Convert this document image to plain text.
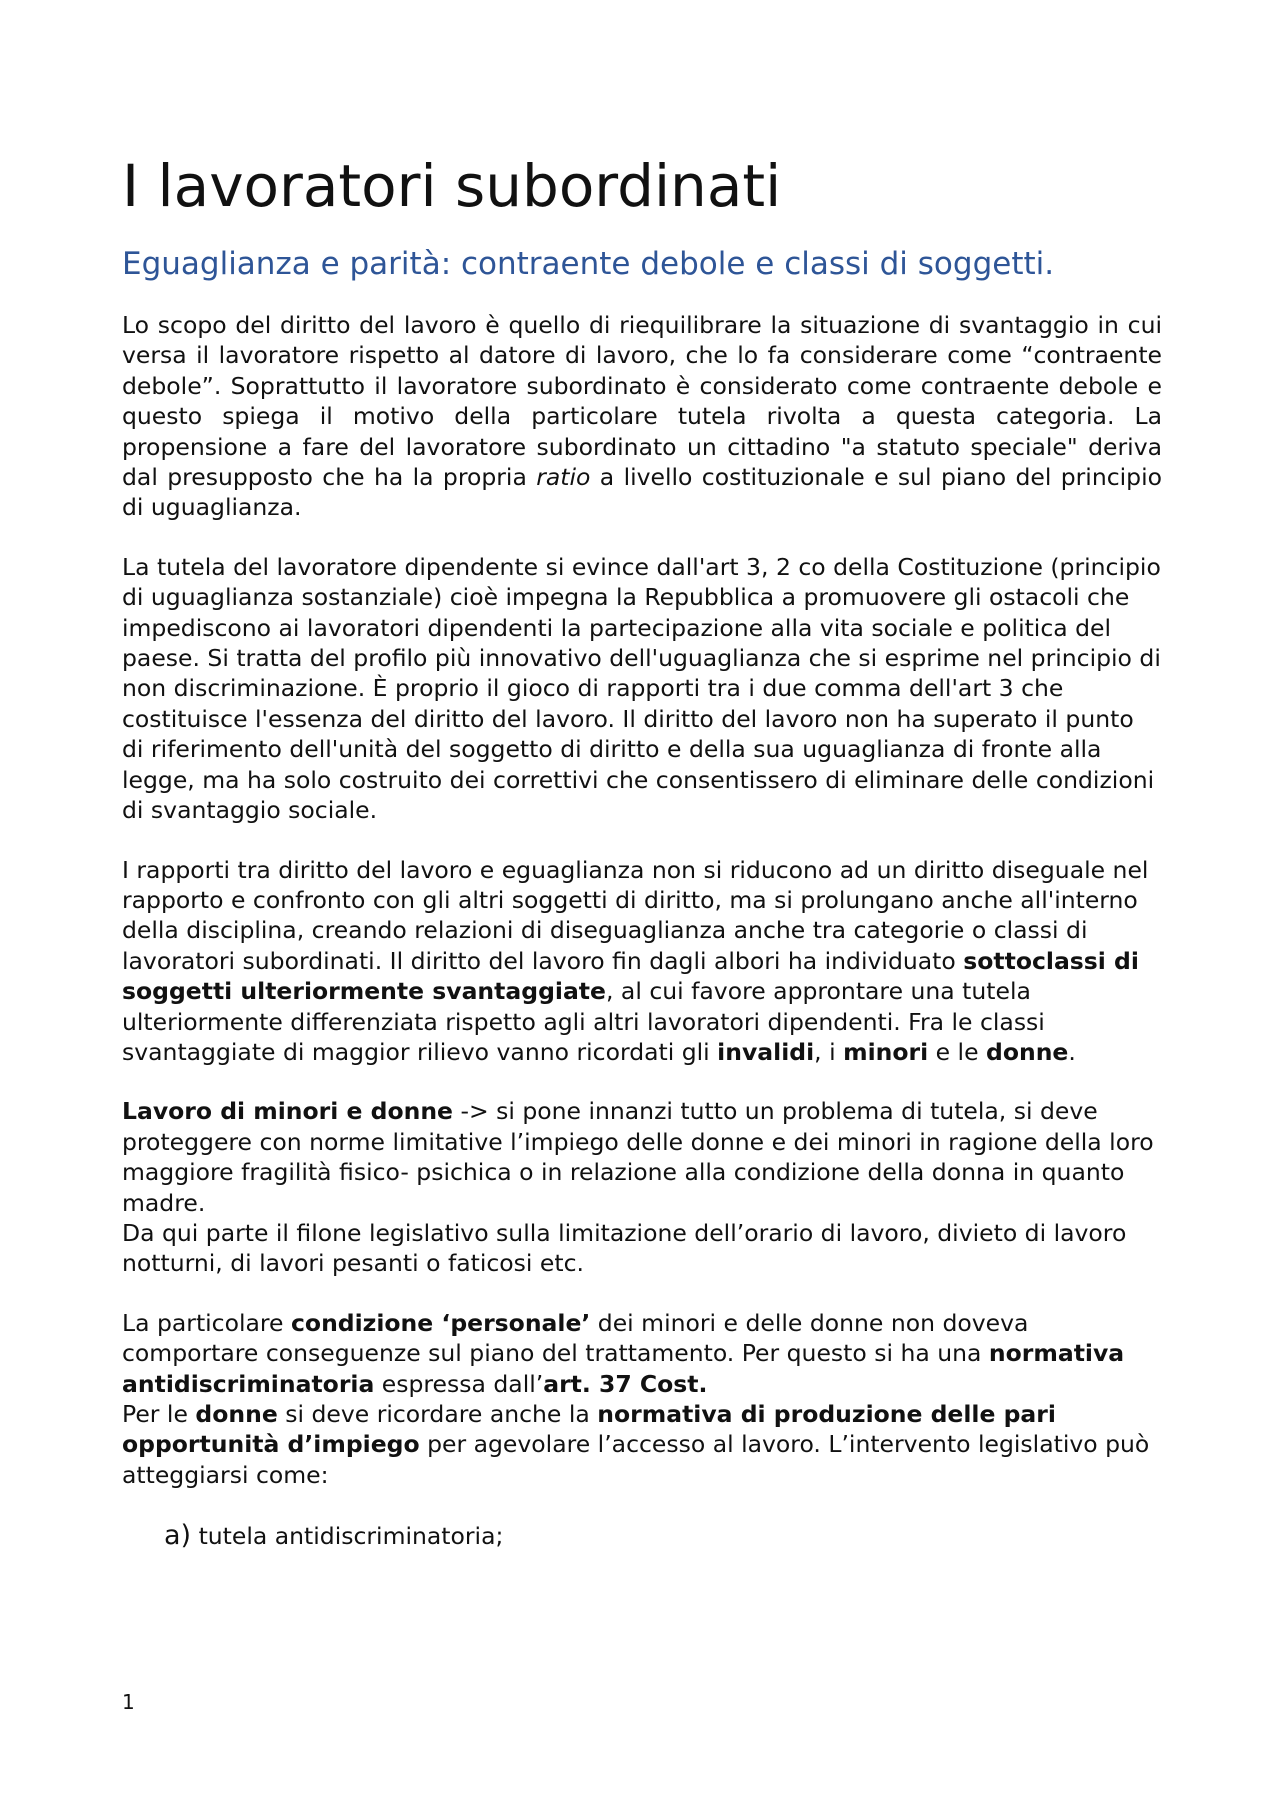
I lavoratori subordinati
Eguaglianza e parità: contraente debole e classi di soggetti.

Lo scopo del diritto del lavoro è quello di riequilibrare la situazione di svantaggio in cui versa il lavoratore rispetto al datore di lavoro, che lo fa considerare come “contraente debole”. Soprattutto il lavoratore subordinato è considerato come contraente debole e questo spiega il motivo della particolare tutela rivolta a questa categoria. La propensione a fare del lavoratore subordinato un cittadino "a statuto speciale" deriva dal presupposto che ha la propria ratio a livello costituzionale e sul piano del principio di uguaglianza.

La tutela del lavoratore dipendente si evince dall'art 3, 2 co della Costituzione (principio di uguaglianza sostanziale) cioè impegna la Repubblica a promuovere gli ostacoli che impediscono ai lavoratori dipendenti la partecipazione alla vita sociale e politica del paese. Si tratta del profilo più innovativo dell'uguaglianza che si esprime nel principio di non discriminazione. È proprio il gioco di rapporti tra i due comma dell'art 3 che costituisce l'essenza del diritto del lavoro. Il diritto del lavoro non ha superato il punto di riferimento dell'unità del soggetto di diritto e della sua uguaglianza di fronte alla legge, ma ha solo costruito dei correttivi che consentissero di eliminare delle condizioni di svantaggio sociale.

I rapporti tra diritto del lavoro e eguaglianza non si riducono ad un diritto diseguale nel rapporto e confronto con gli altri soggetti di diritto, ma si prolungano anche all'interno della disciplina, creando relazioni di diseguaglianza anche tra categorie o classi di lavoratori subordinati. Il diritto del lavoro fin dagli albori ha individuato sottoclassi di soggetti ulteriormente svantaggiate, al cui favore approntare una tutela ulteriormente differenziata rispetto agli altri lavoratori dipendenti. Fra le classi svantaggiate di maggior rilievo vanno ricordati gli invalidi, i minori e le donne.

Lavoro di minori e donne -> si pone innanzi tutto un problema di tutela, si deve proteggere con norme limitative l’impiego delle donne e dei minori in ragione della loro maggiore fragilità fisico- psichica o in relazione alla condizione della donna in quanto madre.
Da qui parte il filone legislativo sulla limitazione dell’orario di lavoro, divieto di lavoro notturni, di lavori pesanti o faticosi etc.

La particolare condizione ‘personale’ dei minori e delle donne non doveva comportare conseguenze sul piano del trattamento. Per questo si ha una normativa antidiscriminatoria espressa dall’art. 37 Cost.
Per le donne si deve ricordare anche la normativa di produzione delle pari opportunità d’impiego per agevolare l’accesso al lavoro. L’intervento legislativo può atteggiarsi come:

a) tutela antidiscriminatoria;
1
